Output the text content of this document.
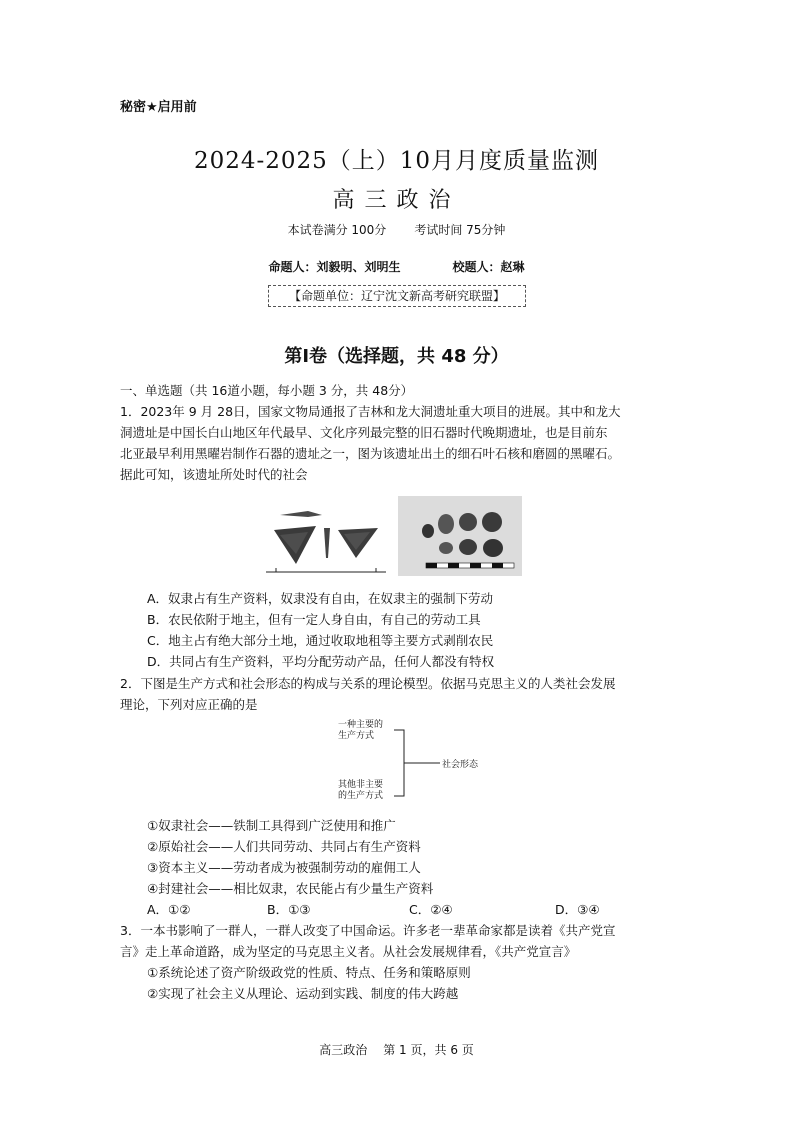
秘密★启用前
2024-2025（上）10月月度质量监测
高三政治
本试卷满分 100分 考试时间 75分钟
命题人：刘毅明、刘明生	校题人：赵琳
【命题单位：辽宁沈文新高考研究联盟】
第Ⅰ卷（选择题，共 48 分）
一、单选题（共 16道小题，每小题 3 分，共 48分）
1．2023年 9 月 28日，国家文物局通报了吉林和龙大洞遗址重大项目的进展。其中和龙大
洞遗址是中国长白山地区年代最早、文化序列最完整的旧石器时代晚期遗址，也是目前东
北亚最早利用黑曜岩制作石器的遗址之一，图为该遗址出土的细石叶石核和磨圆的黑曜石。
据此可知，该遗址所处时代的社会
A．奴隶占有生产资料，奴隶没有自由，在奴隶主的强制下劳动
B．农民依附于地主，但有一定人身自由，有自己的劳动工具
C．地主占有绝大部分土地，通过收取地租等主要方式剥削农民
D．共同占有生产资料，平均分配劳动产品，任何人都没有特权
2．下图是生产方式和社会形态的构成与关系的理论模型。依据马克思主义的人类社会发展
理论，下列对应正确的是
一种主要的
生产方式
其他非主要
的生产方式
社会形态
①奴隶社会——铁制工具得到广泛使用和推广
②原始社会——人们共同劳动、共同占有生产资料
③资本主义——劳动者成为被强制劳动的雇佣工人
④封建社会——相比奴隶，农民能占有少量生产资料
A．①②	B．①③	C．②④	D．③④
3．一本书影响了一群人，一群人改变了中国命运。许多老一辈革命家都是读着《共产党宣
言》走上革命道路，成为坚定的马克思主义者。从社会发展规律看，《共产党宣言》
①系统论述了资产阶级政党的性质、特点、任务和策略原则
②实现了社会主义从理论、运动到实践、制度的伟大跨越
高三政治 第 1 页，共 6 页
